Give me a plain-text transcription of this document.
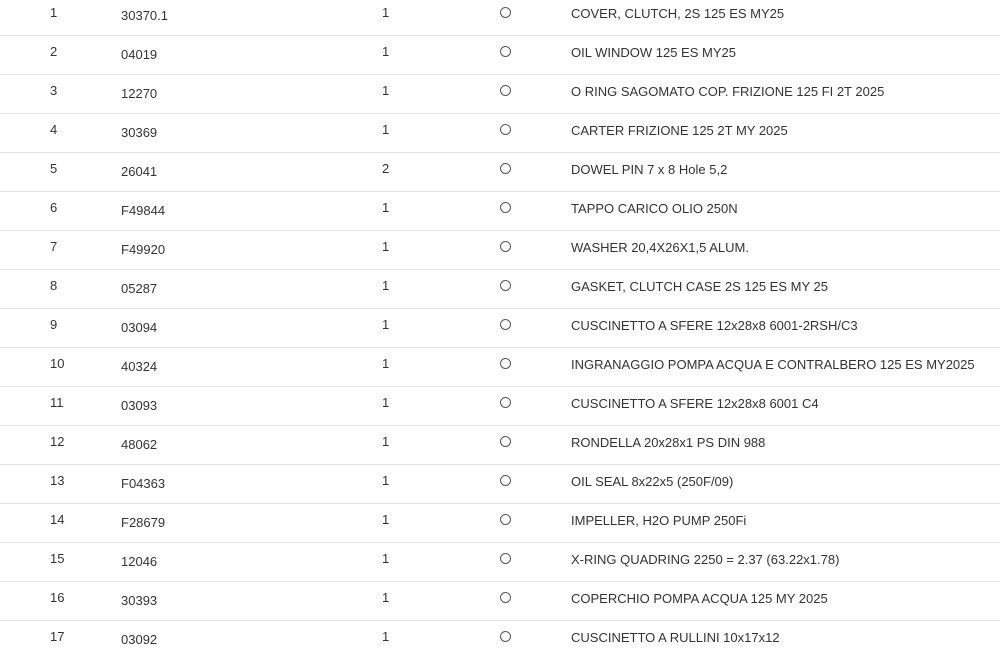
1	30370.1	1	COVER, CLUTCH, 2S 125 ES MY25
2	04019	1	OIL WINDOW 125 ES MY25
3	12270	1	O RING SAGOMATO COP. FRIZIONE 125 FI 2T 2025
4	30369	1	CARTER FRIZIONE 125 2T MY 2025
5	26041	2	DOWEL PIN 7 x 8 Hole 5,2
6	F49844	1	TAPPO CARICO OLIO 250N
7	F49920	1	WASHER 20,4X26X1,5 ALUM.
8	05287	1	GASKET, CLUTCH CASE 2S 125 ES MY 25
9	03094	1	CUSCINETTO A SFERE 12x28x8 6001-2RSH/C3
10	40324	1	INGRANAGGIO POMPA ACQUA E CONTRALBERO 125 ES MY2025
11	03093	1	CUSCINETTO A SFERE 12x28x8 6001 C4
12	48062	1	RONDELLA 20x28x1 PS DIN 988
13	F04363	1	OIL SEAL 8x22x5 (250F/09)
14	F28679	1	IMPELLER, H2O PUMP 250Fi
15	12046	1	X-RING QUADRING 2250 = 2.37 (63.22x1.78)
16	30393	1	COPERCHIO POMPA ACQUA 125 MY 2025
17	03092	1	CUSCINETTO A RULLINI 10x17x12
